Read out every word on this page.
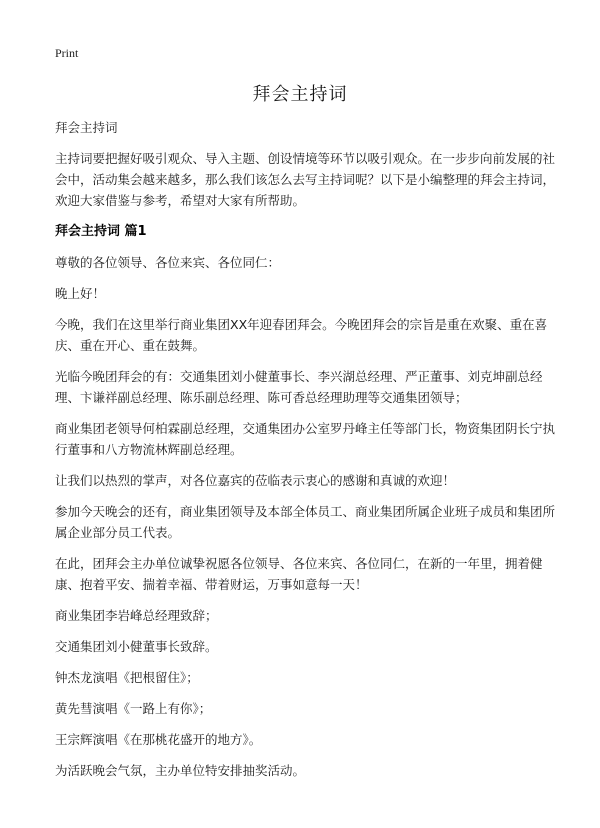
Print
拜会主持词
拜会主持词
主持词要把握好吸引观众、导入主题、创设情境等环节以吸引观众。在一步步向前发展的社会中，活动集会越来越多，那么我们该怎么去写主持词呢？以下是小编整理的拜会主持词，欢迎大家借鉴与参考，希望对大家有所帮助。
拜会主持词 篇1
尊敬的各位领导、各位来宾、各位同仁：
晚上好！
今晚，我们在这里举行商业集团XX年迎春团拜会。今晚团拜会的宗旨是重在欢聚、重在喜庆、重在开心、重在鼓舞。
光临今晚团拜会的有：交通集团刘小健董事长、李兴湖总经理、严正董事、刘克坤副总经理、卞谦祥副总经理、陈乐副总经理、陈可香总经理助理等交通集团领导；
商业集团老领导何柏霖副总经理，交通集团办公室罗丹峰主任等部门长，物资集团阴长宁执行董事和八方物流林辉副总经理。
让我们以热烈的掌声，对各位嘉宾的莅临表示衷心的感谢和真诚的欢迎！
参加今天晚会的还有，商业集团领导及本部全体员工、商业集团所属企业班子成员和集团所属企业部分员工代表。
在此，团拜会主办单位诚挚祝愿各位领导、各位来宾、各位同仁，在新的一年里，拥着健康、抱着平安、揣着幸福、带着财运，万事如意每一天！
商业集团李岩峰总经理致辞；
交通集团刘小健董事长致辞。
钟杰龙演唱《把根留住》；
黄先彗演唱《一路上有你》；
王宗辉演唱《在那桃花盛开的地方》。
为活跃晚会气氛，主办单位特安排抽奖活动。
